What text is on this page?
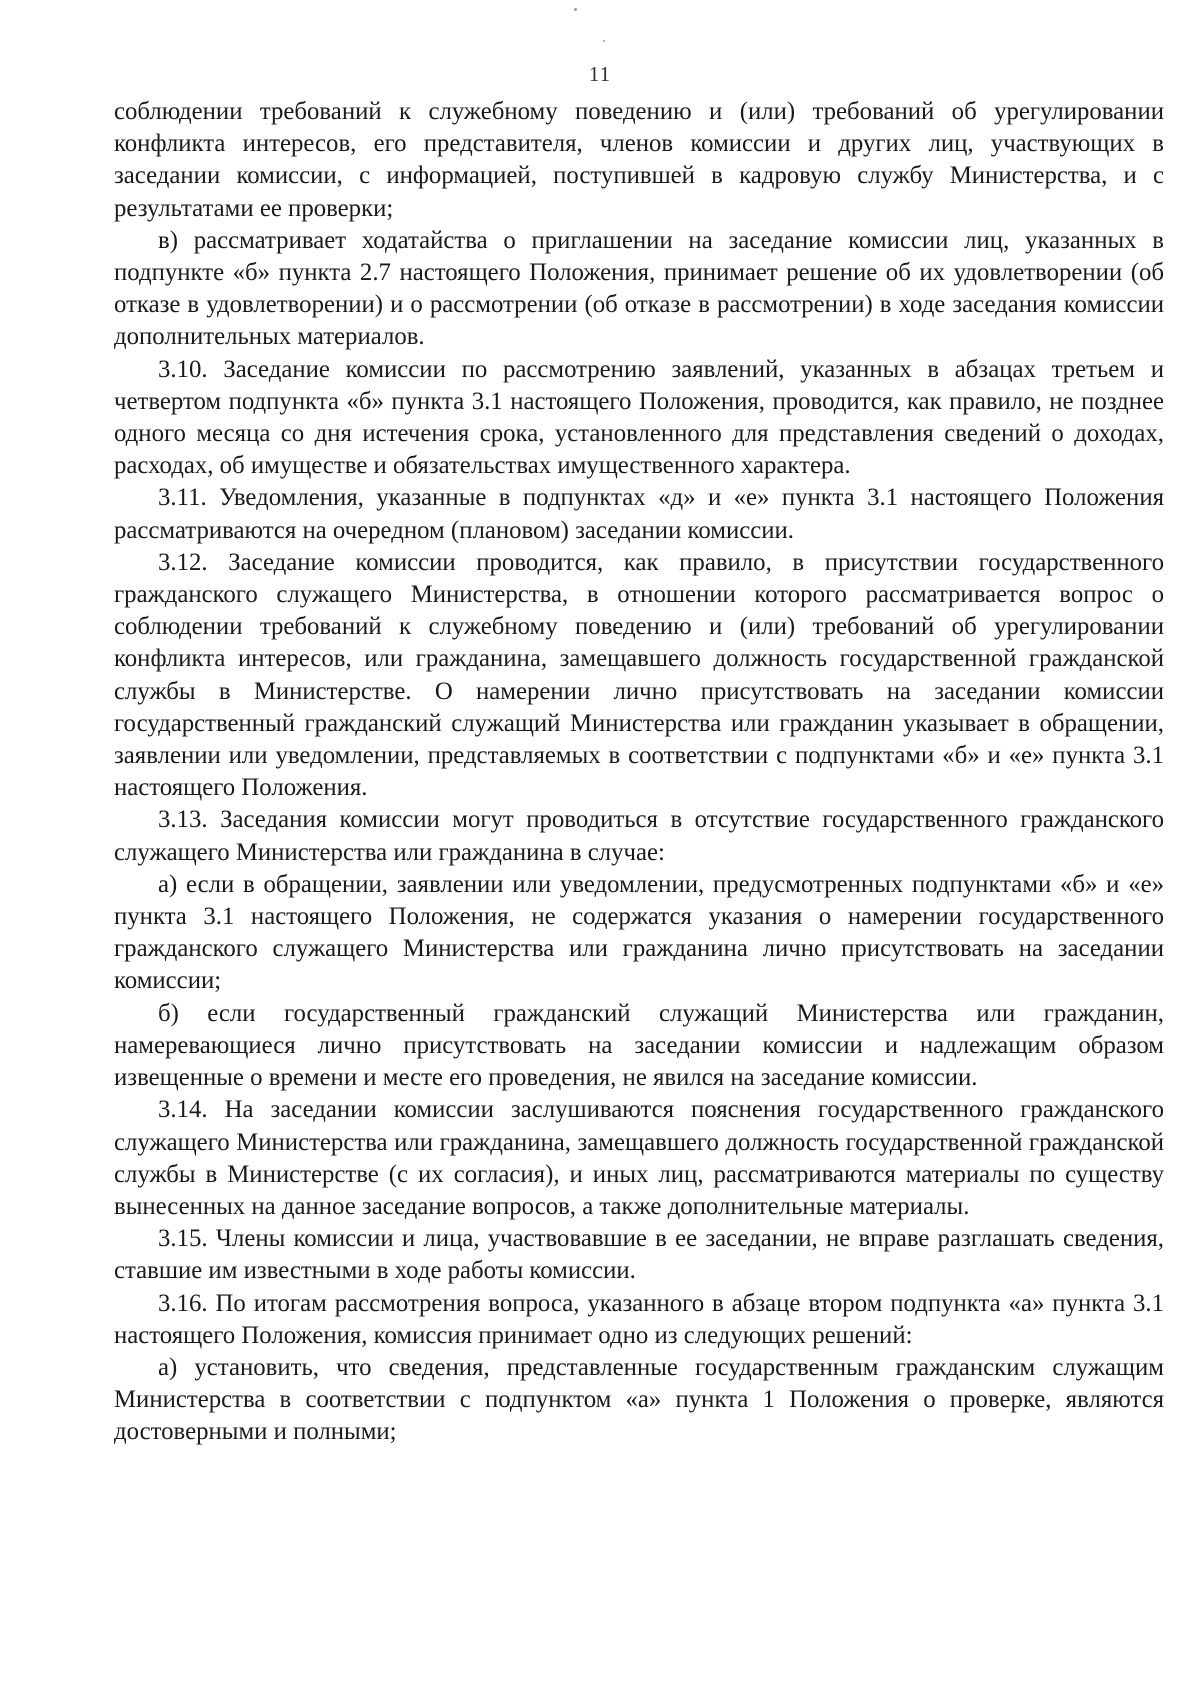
11

соблюдении требований к служебному поведению и (или) требований об урегулировании конфликта интересов, его представителя, членов комиссии и других лиц, участвующих в заседании комиссии, с информацией, поступившей в кадровую службу Министерства, и с результатами ее проверки;

в) рассматривает ходатайства о приглашении на заседание комиссии лиц, указанных в подпункте «б» пункта 2.7 настоящего Положения, принимает решение об их удовлетворении (об отказе в удовлетворении) и о рассмотрении (об отказе в рассмотрении) в ходе заседания комиссии дополнительных материалов.

3.10. Заседание комиссии по рассмотрению заявлений, указанных в абзацах третьем и четвертом подпункта «б» пункта 3.1 настоящего Положения, проводится, как правило, не позднее одного месяца со дня истечения срока, установленного для представления сведений о доходах, расходах, об имуществе и обязательствах имущественного характера.

3.11. Уведомления, указанные в подпунктах «д» и «е» пункта 3.1 настоящего Положения рассматриваются на очередном (плановом) заседании комиссии.

3.12. Заседание комиссии проводится, как правило, в присутствии государственного гражданского служащего Министерства, в отношении которого рассматривается вопрос о соблюдении требований к служебному поведению и (или) требований об урегулировании конфликта интересов, или гражданина, замещавшего должность государственной гражданской службы в Министерстве. О намерении лично присутствовать на заседании комиссии государственный гражданский служащий Министерства или гражданин указывает в обращении, заявлении или уведомлении, представляемых в соответствии с подпунктами «б» и «е» пункта 3.1 настоящего Положения.

3.13. Заседания комиссии могут проводиться в отсутствие государственного гражданского служащего Министерства или гражданина в случае:

а) если в обращении, заявлении или уведомлении, предусмотренных подпунктами «б» и «е» пункта 3.1 настоящего Положения, не содержатся указания о намерении государственного гражданского служащего Министерства или гражданина лично присутствовать на заседании комиссии;

б) если государственный гражданский служащий Министерства или гражданин, намеревающиеся лично присутствовать на заседании комиссии и надлежащим образом извещенные о времени и месте его проведения, не явился на заседание комиссии.

3.14. На заседании комиссии заслушиваются пояснения государственного гражданского служащего Министерства или гражданина, замещавшего должность государственной гражданской службы в Министерстве (с их согласия), и иных лиц, рассматриваются материалы по существу вынесенных на данное заседание вопросов, а также дополнительные материалы.

3.15. Члены комиссии и лица, участвовавшие в ее заседании, не вправе разглашать сведения, ставшие им известными в ходе работы комиссии.

3.16. По итогам рассмотрения вопроса, указанного в абзаце втором подпункта «а» пункта 3.1 настоящего Положения, комиссия принимает одно из следующих решений:

а) установить, что сведения, представленные государственным гражданским служащим Министерства в соответствии с подпунктом «а» пункта 1 Положения о проверке, являются достоверными и полными;
